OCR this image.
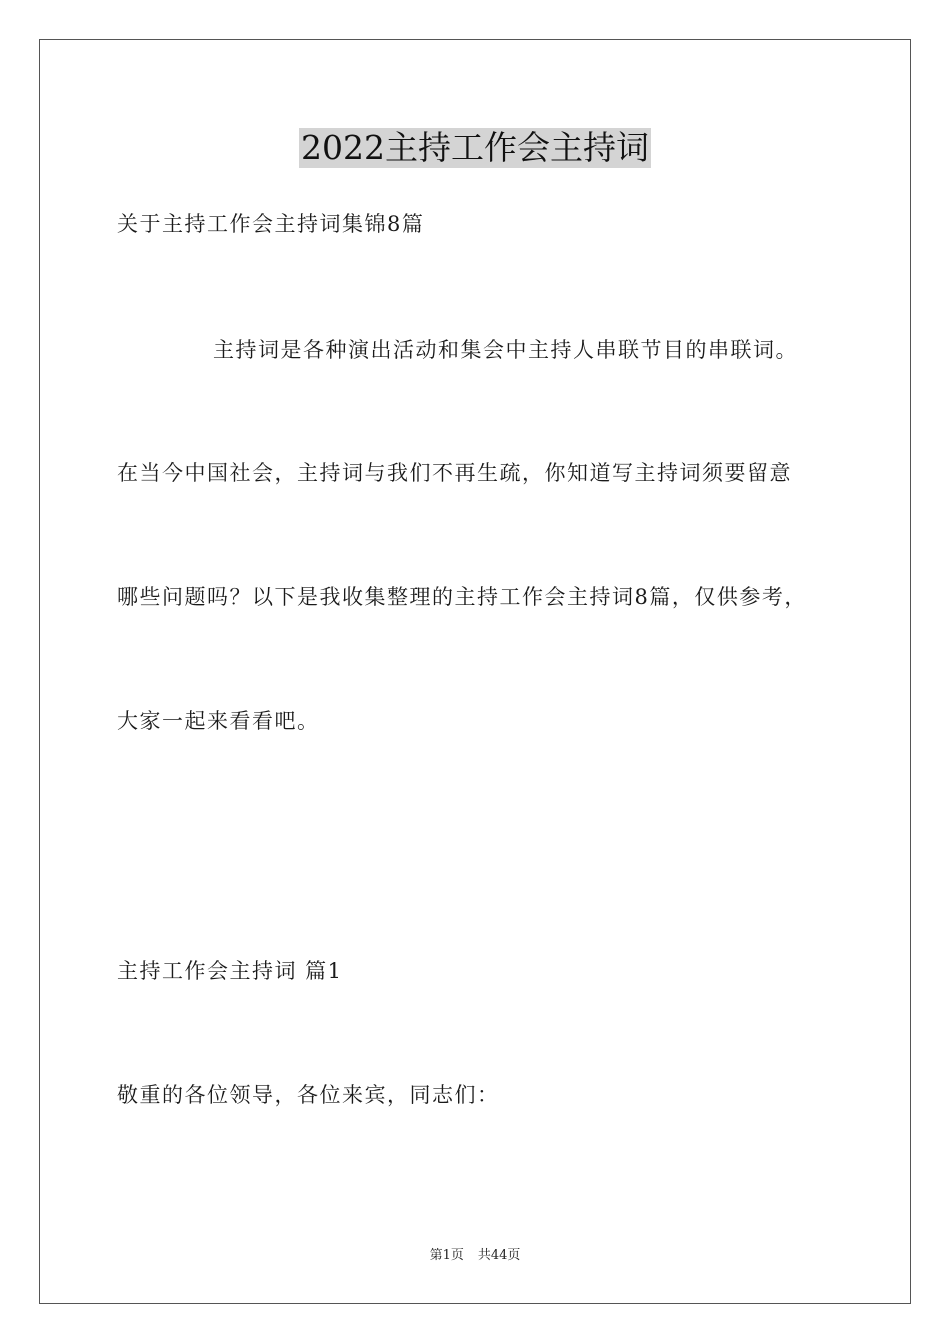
2022主持工作会主持词
关于主持工作会主持词集锦8篇
主持词是各种演出活动和集会中主持人串联节目的串联词。
在当今中国社会，主持词与我们不再生疏，你知道写主持词须要留意
哪些问题吗？以下是我收集整理的主持工作会主持词8篇，仅供参考，
大家一起来看看吧。
主持工作会主持词 篇1
敬重的各位领导，各位来宾，同志们：
第1页 共44页
